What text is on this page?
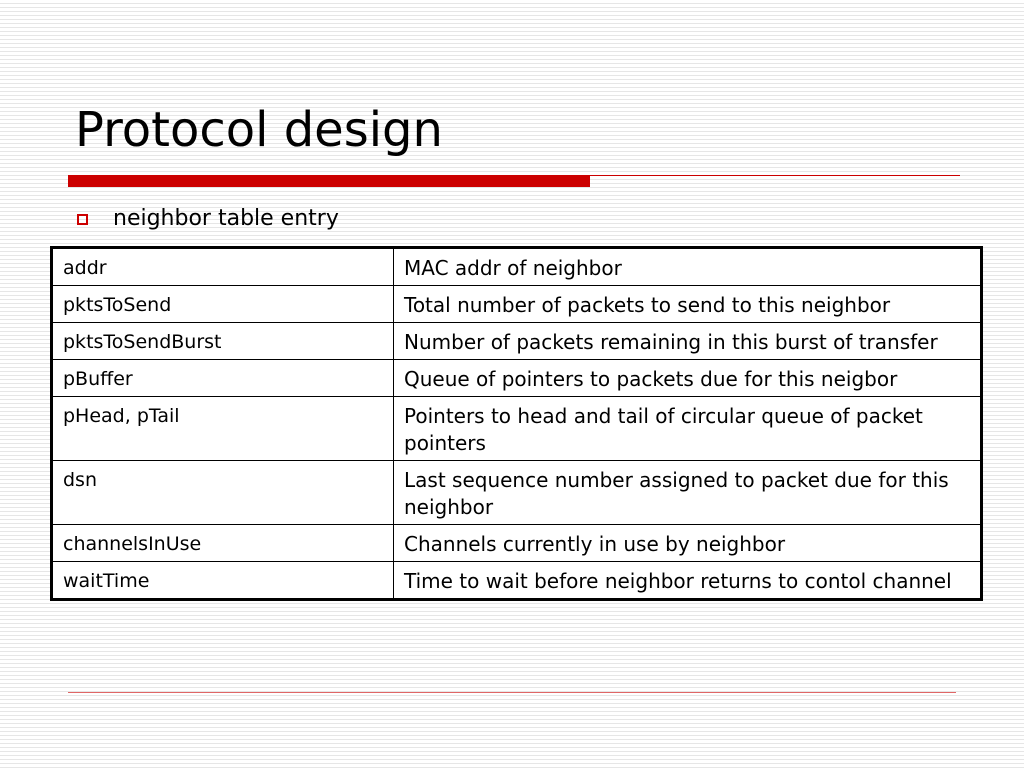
Protocol design
neighbor table entry
addr	MAC addr of neighbor
pktsToSend	Total number of packets to send to this neighbor
pktsToSendBurst	Number of packets remaining in this burst of transfer
pBuffer	Queue of pointers to packets due for this neigbor
pHead, pTail	Pointers to head and tail of circular queue of packet pointers
dsn	Last sequence number assigned to packet due for this neighbor
channelsInUse	Channels currently in use by neighbor
waitTime	Time to wait before neighbor returns to contol channel
